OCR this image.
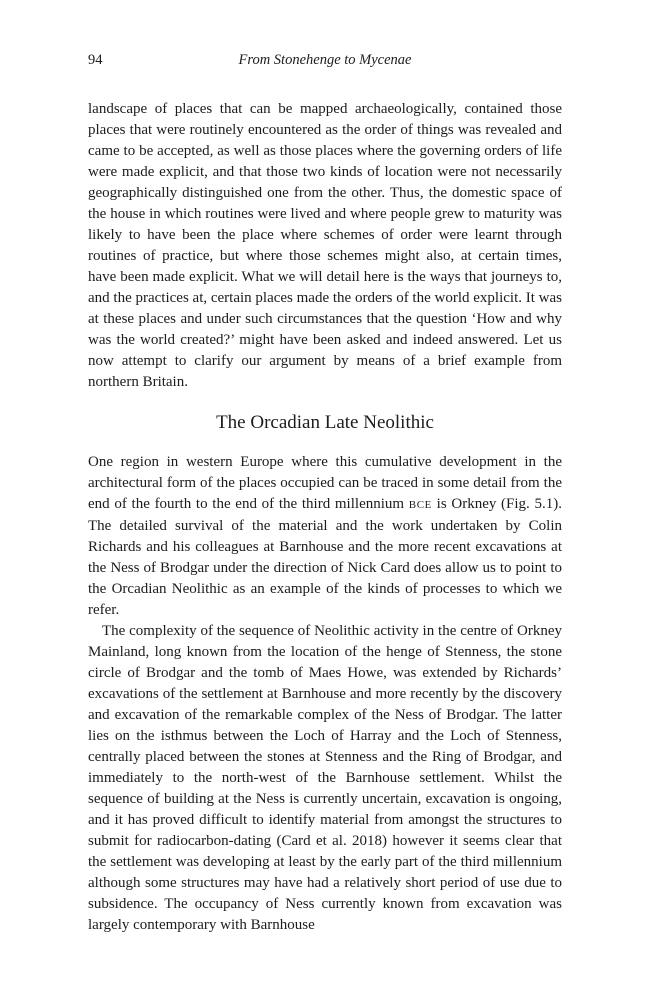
94	From Stonehenge to Mycenae

landscape of places that can be mapped archaeologically, contained those places that were routinely encountered as the order of things was revealed and came to be accepted, as well as those places where the governing orders of life were made explicit, and that those two kinds of location were not necessarily geographically distinguished one from the other. Thus, the domestic space of the house in which routines were lived and where people grew to maturity was likely to have been the place where schemes of order were learnt through routines of practice, but where those schemes might also, at certain times, have been made explicit. What we will detail here is the ways that journeys to, and the practices at, certain places made the orders of the world explicit. It was at these places and under such circumstances that the question ‘How and why was the world created?’ might have been asked and indeed answered. Let us now attempt to clarify our argument by means of a brief example from northern Britain.

The Orcadian Late Neolithic

One region in western Europe where this cumulative development in the architectural form of the places occupied can be traced in some detail from the end of the fourth to the end of the third millennium BCE is Orkney (Fig. 5.1). The detailed survival of the material and the work undertaken by Colin Richards and his colleagues at Barnhouse and the more recent excavations at the Ness of Brodgar under the direction of Nick Card does allow us to point to the Orcadian Neolithic as an example of the kinds of processes to which we refer.

The complexity of the sequence of Neolithic activity in the centre of Orkney Mainland, long known from the location of the henge of Stenness, the stone circle of Brodgar and the tomb of Maes Howe, was extended by Richards’ excavations of the settlement at Barnhouse and more recently by the discovery and excavation of the remarkable complex of the Ness of Brodgar. The latter lies on the isthmus between the Loch of Harray and the Loch of Stenness, centrally placed between the stones at Stenness and the Ring of Brodgar, and immediately to the north-west of the Barnhouse settlement. Whilst the sequence of building at the Ness is currently uncertain, excavation is ongoing, and it has proved difficult to identify material from amongst the structures to submit for radiocarbon-dating (Card et al. 2018) however it seems clear that the settlement was developing at least by the early part of the third millennium although some structures may have had a relatively short period of use due to subsidence. The occupancy of Ness currently known from excavation was largely contemporary with Barnhouse
